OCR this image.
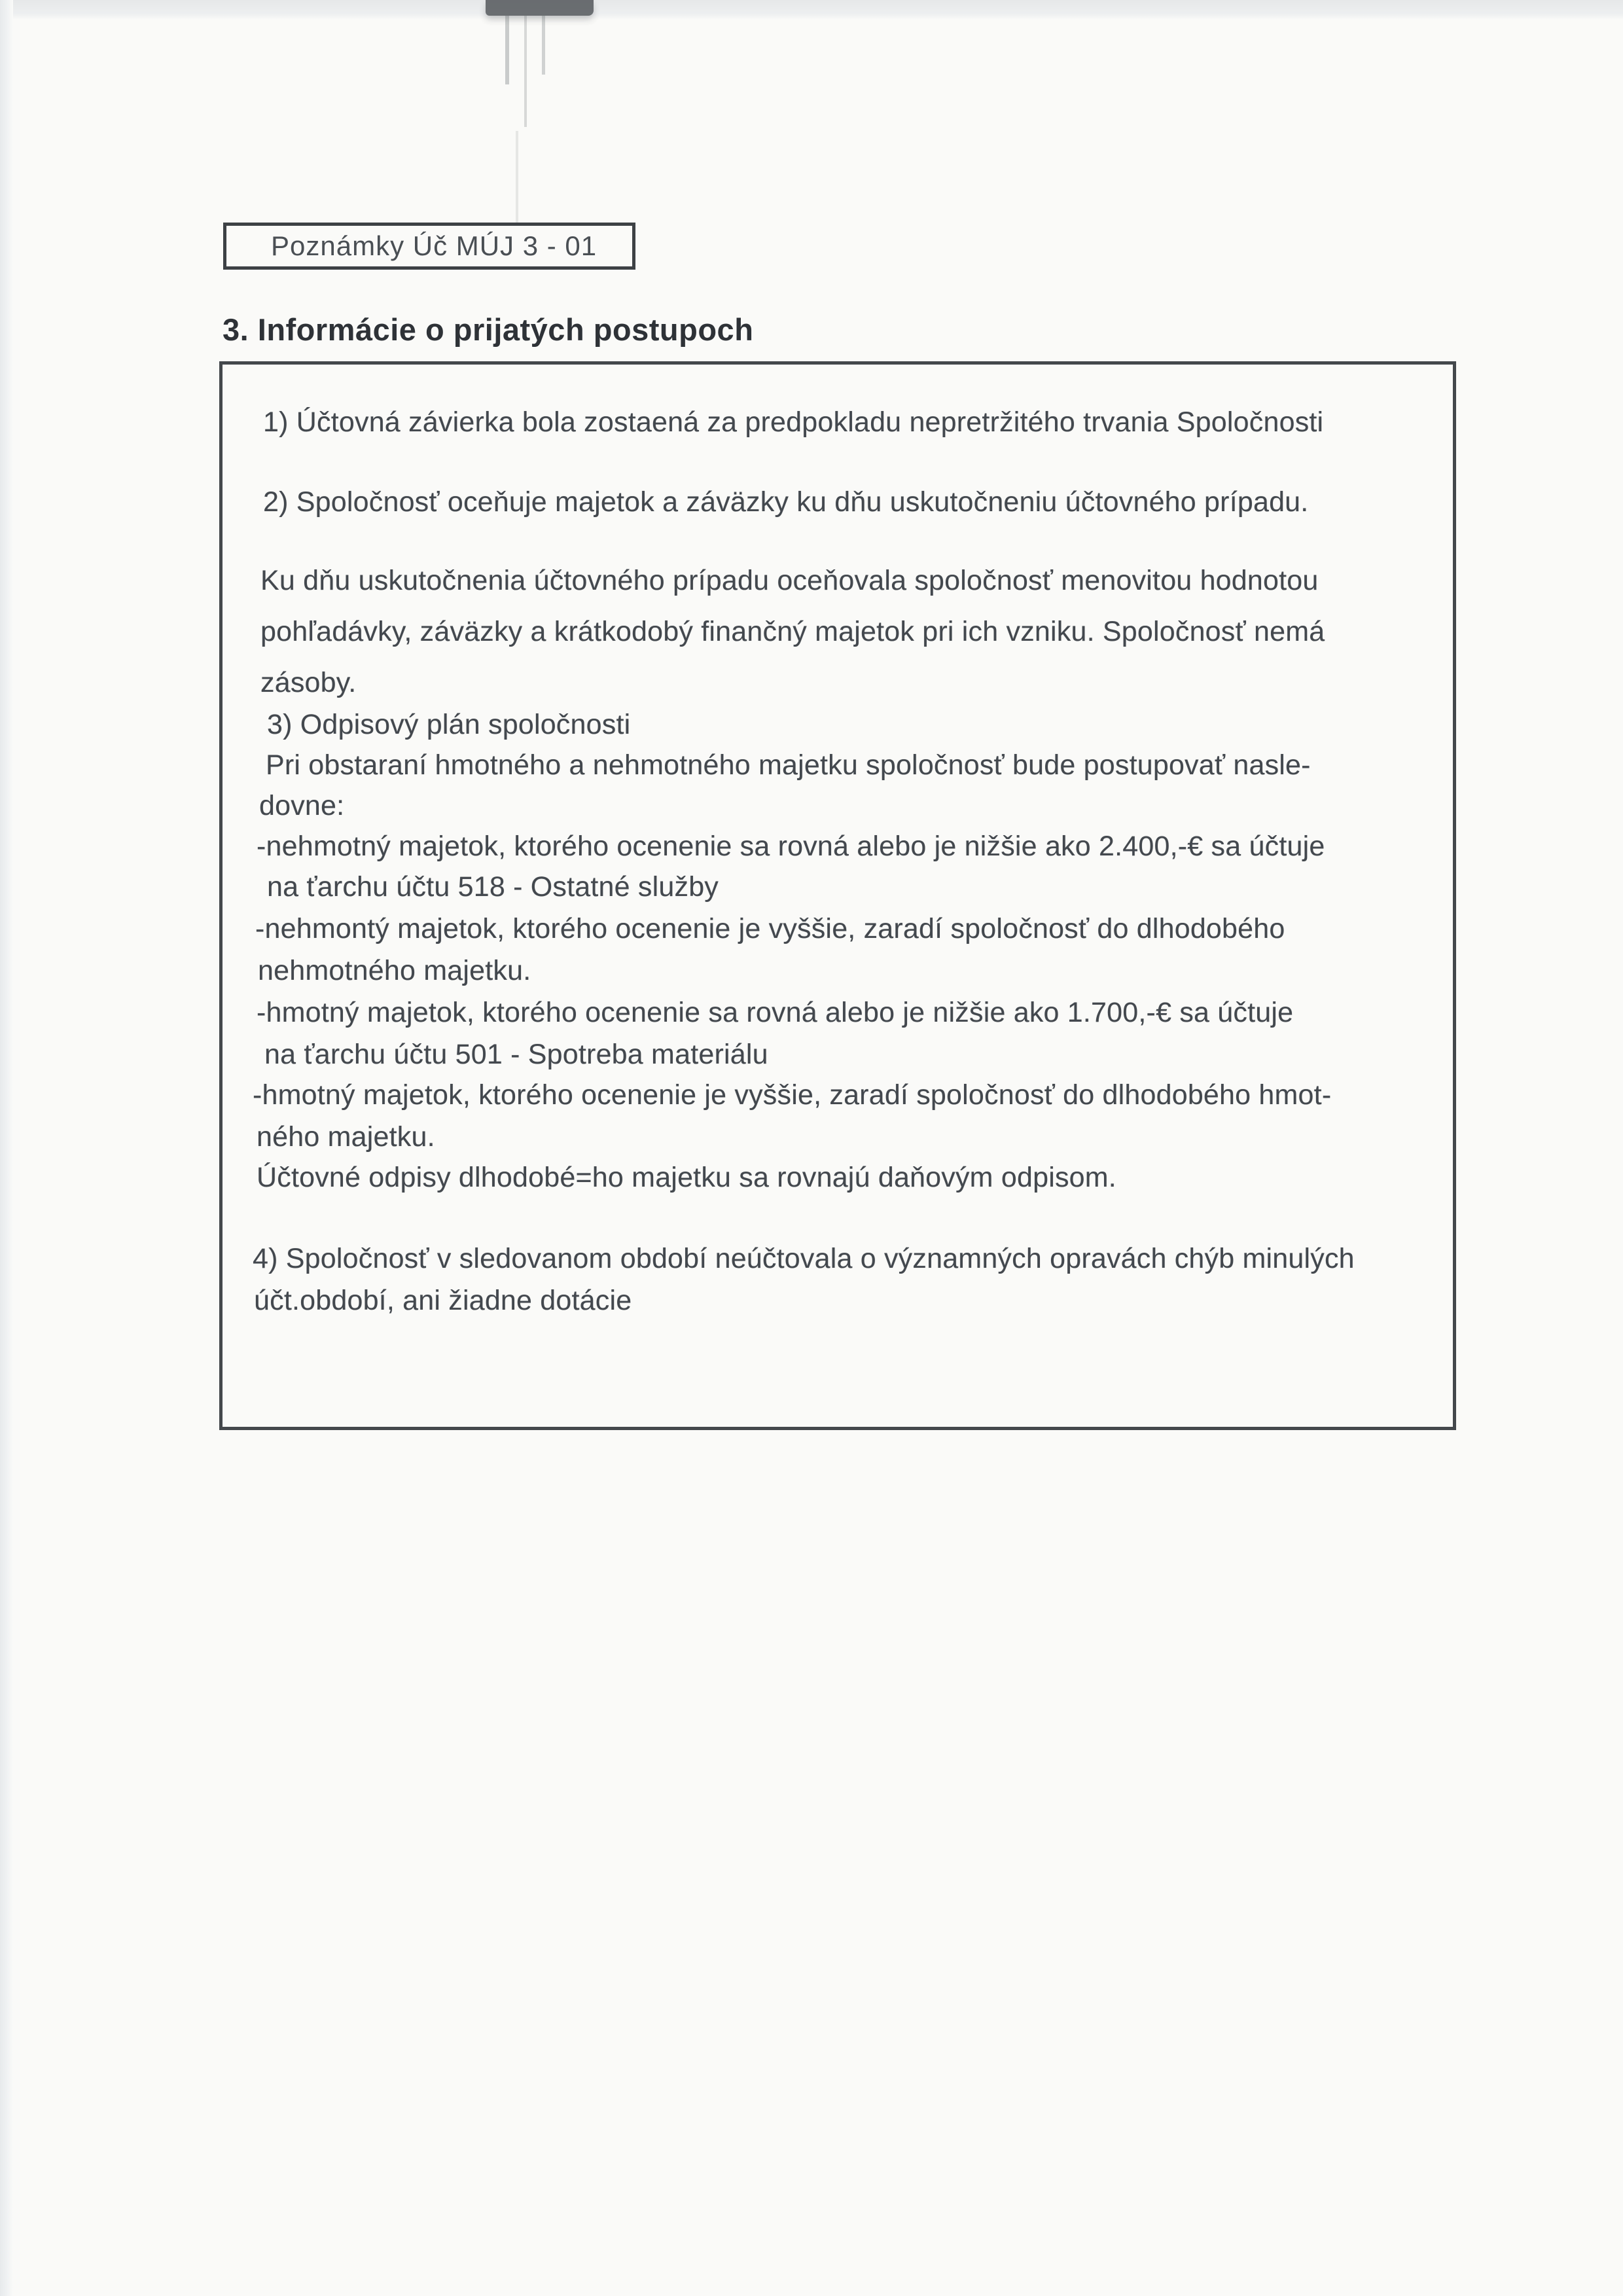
Poznámky Úč MÚJ 3 - 01
3. Informácie o prijatých postupoch
1) Účtovná závierka bola zostaená za predpokladu nepretržitého trvania Spoločnosti
2) Spoločnosť oceňuje majetok a záväzky ku dňu uskutočneniu účtovného prípadu.
Ku dňu uskutočnenia účtovného prípadu oceňovala spoločnosť menovitou hodnotou
pohľadávky, záväzky a krátkodobý finančný majetok pri ich vzniku. Spoločnosť nemá
zásoby.
3) Odpisový plán spoločnosti
Pri obstaraní hmotného a nehmotného majetku spoločnosť bude postupovať nasle-
dovne:
-nehmotný majetok, ktorého ocenenie sa rovná alebo je nižšie ako 2.400,-€ sa účtuje
na ťarchu účtu 518 - Ostatné služby
-nehmontý majetok, ktorého ocenenie je vyššie, zaradí spoločnosť do dlhodobého
nehmotného majetku.
-hmotný majetok, ktorého ocenenie sa rovná alebo je nižšie ako 1.700,-€ sa účtuje
na ťarchu účtu 501 - Spotreba materiálu
-hmotný majetok, ktorého ocenenie je vyššie, zaradí spoločnosť do dlhodobého hmot-
ného majetku.
Účtovné odpisy dlhodobé=ho majetku sa rovnajú daňovým odpisom.
4) Spoločnosť v sledovanom období neúčtovala o významných opravách chýb minulých
účt.období, ani žiadne dotácie
